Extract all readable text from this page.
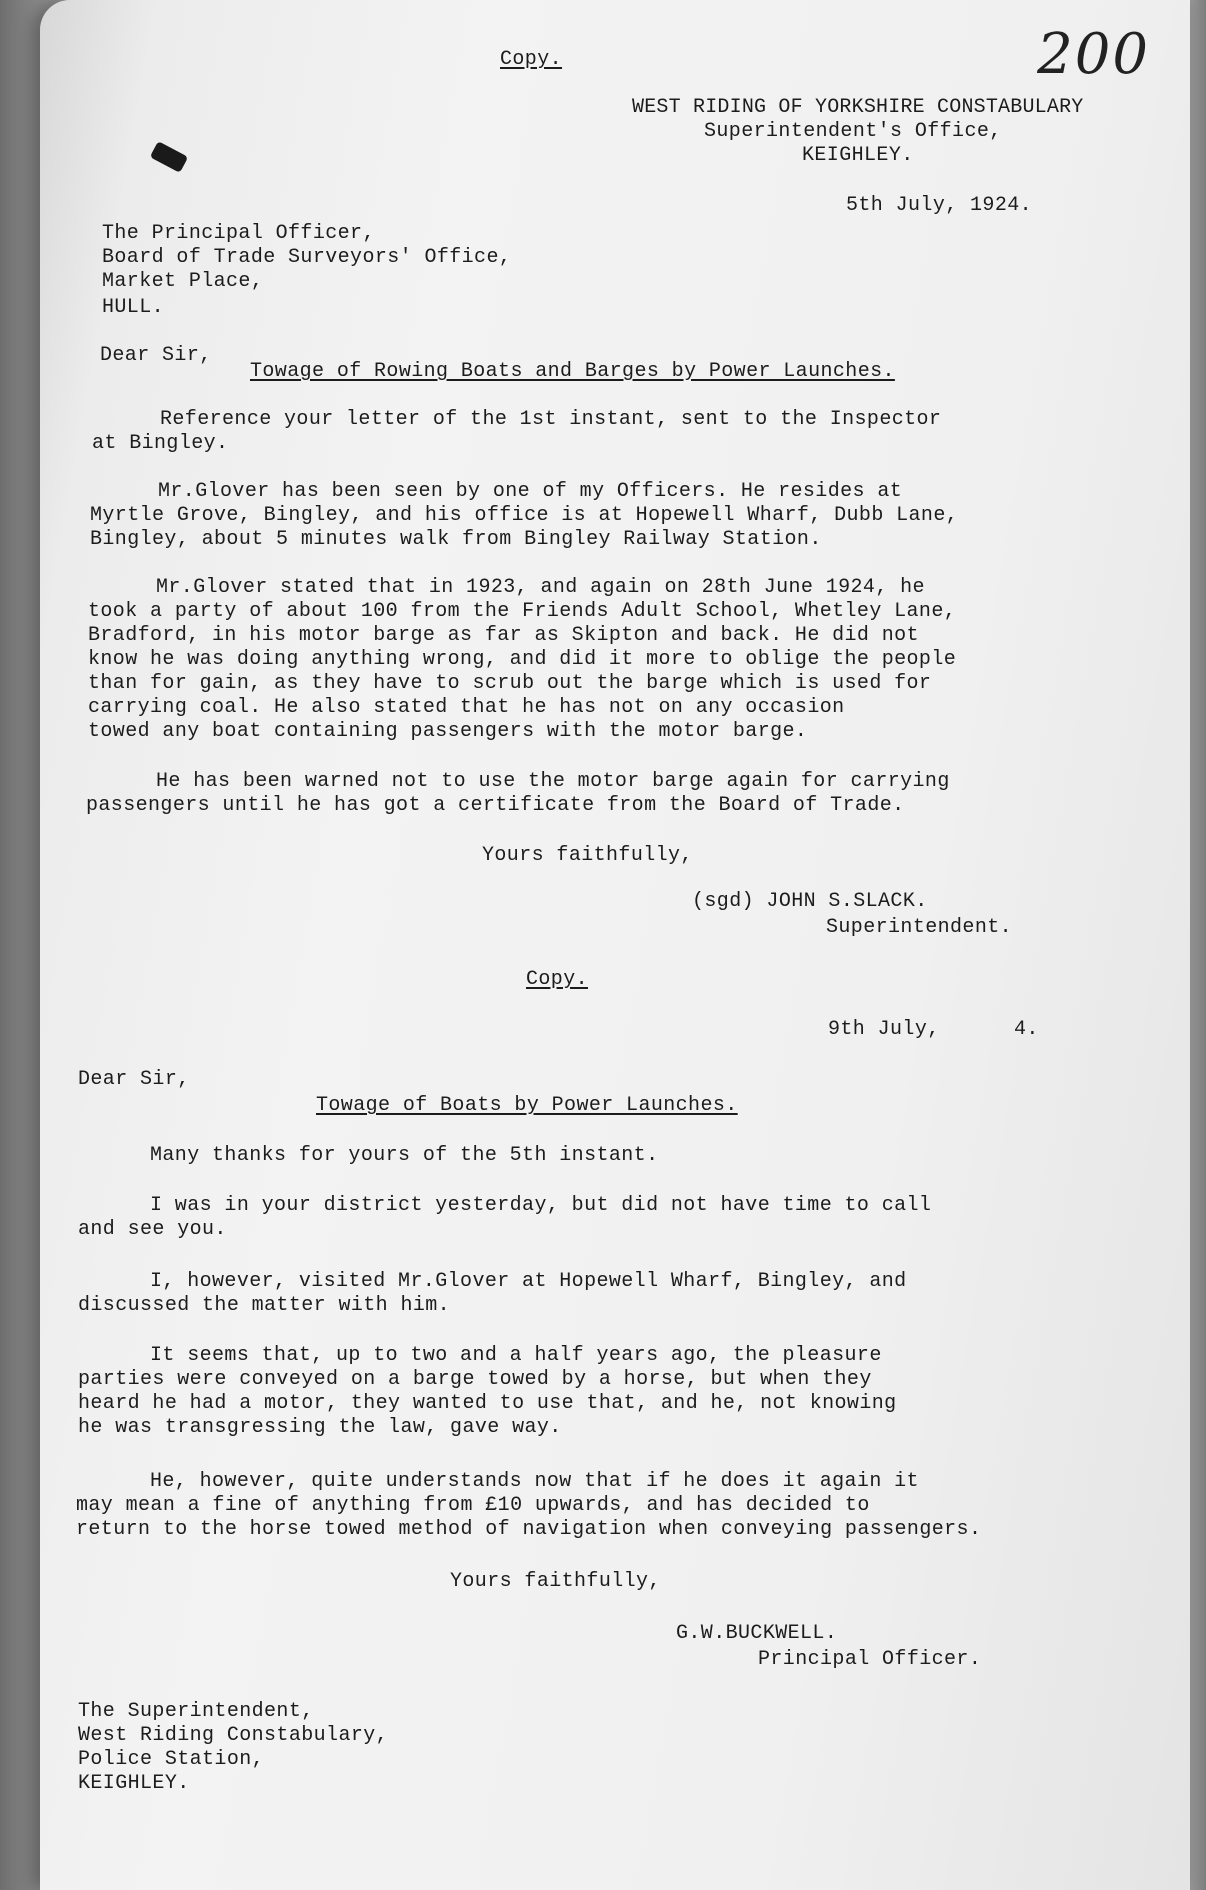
200
Copy.
WEST RIDING OF YORKSHIRE CONSTABULARY
Superintendent's Office,
KEIGHLEY.
5th July, 1924.
The Principal Officer,
Board of Trade Surveyors' Office,
Market Place,
HULL.
Dear Sir,
Towage of Rowing Boats and Barges by Power Launches.
Reference your letter of the 1st instant, sent to the Inspector
at Bingley.
Mr.Glover has been seen by one of my Officers. He resides at
Myrtle Grove, Bingley, and his office is at Hopewell Wharf, Dubb Lane,
Bingley, about 5 minutes walk from Bingley Railway Station.
Mr.Glover stated that in 1923, and again on 28th June 1924, he
took a party of about 100 from the Friends Adult School, Whetley Lane,
Bradford, in his motor barge as far as Skipton and back. He did not
know he was doing anything wrong, and did it more to oblige the people
than for gain, as they have to scrub out the barge which is used for
carrying coal. He also stated that he has not on any occasion
towed any boat containing passengers with the motor barge.
He has been warned not to use the motor barge again for carrying
passengers until he has got a certificate from the Board of Trade.
Yours faithfully,
(sgd) JOHN S.SLACK.
Superintendent.
Copy.
9th July,      4.
Dear Sir,
Towage of Boats by Power Launches.
Many thanks for yours of the 5th instant.
I was in your district yesterday, but did not have time to call
and see you.
I, however, visited Mr.Glover at Hopewell Wharf, Bingley, and
discussed the matter with him.
It seems that, up to two and a half years ago, the pleasure
parties were conveyed on a barge towed by a horse, but when they
heard he had a motor, they wanted to use that, and he, not knowing
he was transgressing the law, gave way.
He, however, quite understands now that if he does it again it
may mean a fine of anything from £10 upwards, and has decided to
return to the horse towed method of navigation when conveying passengers.
Yours faithfully,
G.W.BUCKWELL.
Principal Officer.
The Superintendent,
West Riding Constabulary,
Police Station,
KEIGHLEY.
